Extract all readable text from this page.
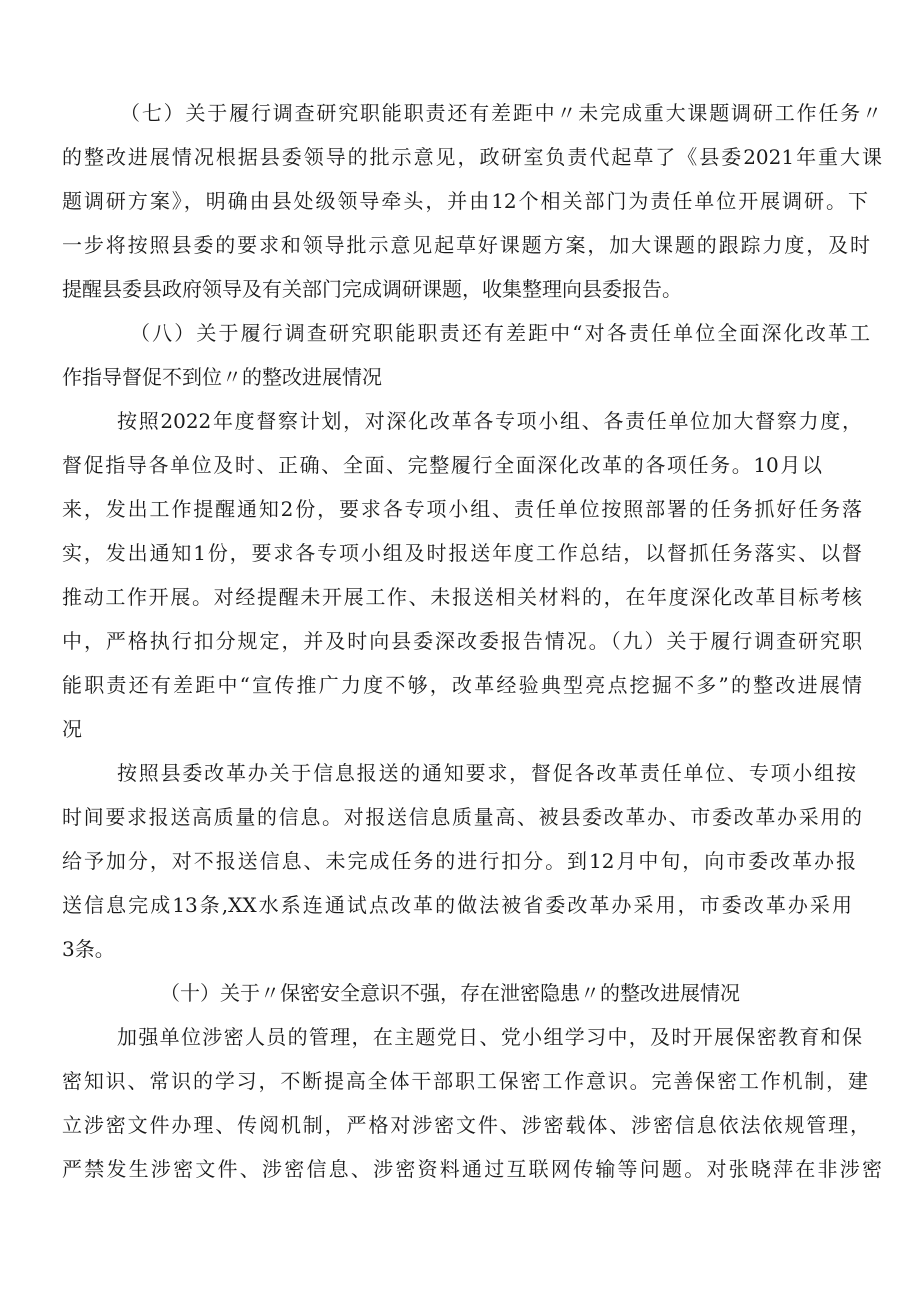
（七）关于履行调查研究职能职责还有差距中〃未完成重大课题调研工作任务〃
的整改进展情况根据县委领导的批示意见，政研室负责代起草了《县委2021年重大课
题调研方案》，明确由县处级领导牵头，并由12个相关部门为责任单位开展调研。下
一步将按照县委的要求和领导批示意见起草好课题方案，加大课题的跟踪力度，及时
提醒县委县政府领导及有关部门完成调研课题，收集整理向县委报告。
（八）关于履行调查研究职能职责还有差距中“对各责任单位全面深化改革工
作指导督促不到位〃的整改进展情况
按照2022年度督察计划，对深化改革各专项小组、各责任单位加大督察力度，
督促指导各单位及时、正确、全面、完整履行全面深化改革的各项任务。10月以
来，发出工作提醒通知2份，要求各专项小组、责任单位按照部署的任务抓好任务落
实，发出通知1份，要求各专项小组及时报送年度工作总结，以督抓任务落实、以督
推动工作开展。对经提醒未开展工作、未报送相关材料的，在年度深化改革目标考核
中，严格执行扣分规定，并及时向县委深改委报告情况。（九）关于履行调查研究职
能职责还有差距中“宣传推广力度不够，改革经验典型亮点挖掘不多”的整改进展情
况
按照县委改革办关于信息报送的通知要求，督促各改革责任单位、专项小组按
时间要求报送高质量的信息。对报送信息质量高、被县委改革办、市委改革办采用的
给予加分，对不报送信息、未完成任务的进行扣分。到12月中旬，向市委改革办报
送信息完成13条,XX水系连通试点改革的做法被省委改革办采用，市委改革办采用
3条。
（十）关于〃保密安全意识不强，存在泄密隐患〃的整改进展情况
加强单位涉密人员的管理，在主题党日、党小组学习中，及时开展保密教育和保
密知识、常识的学习，不断提高全体干部职工保密工作意识。完善保密工作机制，建
立涉密文件办理、传阅机制，严格对涉密文件、涉密载体、涉密信息依法依规管理，
严禁发生涉密文件、涉密信息、涉密资料通过互联网传输等问题。对张晓萍在非涉密
